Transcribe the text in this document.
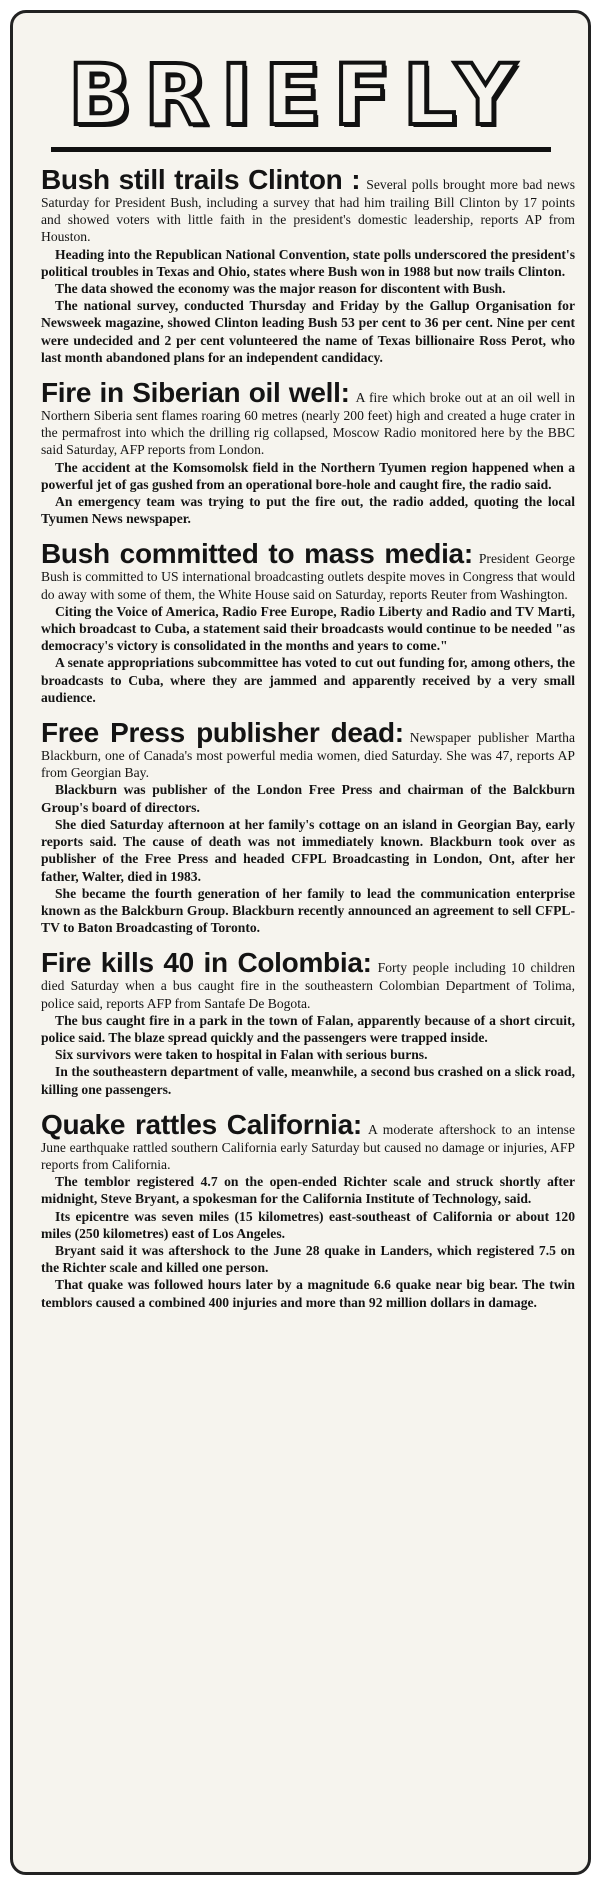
BRIEFLY

Bush still trails Clinton : Several polls brought more bad news Saturday for President Bush, including a survey that had him trailing Bill Clinton by 17 points and showed voters with little faith in the president's domestic leadership, reports AP from Houston.

Heading into the Republican National Convention, state polls underscored the president's political troubles in Texas and Ohio, states where Bush won in 1988 but now trails Clinton.

The data showed the economy was the major reason for discontent with Bush.

The national survey, conducted Thursday and Friday by the Gallup Organisation for Newsweek magazine, showed Clinton leading Bush 53 per cent to 36 per cent. Nine per cent were undecided and 2 per cent volunteered the name of Texas billionaire Ross Perot, who last month abandoned plans for an independent candidacy.

Fire in Siberian oil well: A fire which broke out at an oil well in Northern Siberia sent flames roaring 60 metres (nearly 200 feet) high and created a huge crater in the permafrost into which the drilling rig collapsed, Moscow Radio monitored here by the BBC said Saturday, AFP reports from London.

The accident at the Komsomolsk field in the Northern Tyumen region happened when a powerful jet of gas gushed from an operational bore-hole and caught fire, the radio said.

An emergency team was trying to put the fire out, the radio added, quoting the local Tyumen News newspaper.

Bush committed to mass media: President George Bush is committed to US international broadcasting outlets despite moves in Congress that would do away with some of them, the White House said on Saturday, reports Reuter from Washington.

Citing the Voice of America, Radio Free Europe, Radio Liberty and Radio and TV Marti, which broadcast to Cuba, a statement said their broadcasts would continue to be needed "as democracy's victory is consolidated in the months and years to come."

A senate appropriations subcommittee has voted to cut out funding for, among others, the broadcasts to Cuba, where they are jammed and apparently received by a very small audience.

Free Press publisher dead: Newspaper publisher Martha Blackburn, one of Canada's most powerful media women, died Saturday. She was 47, reports AP from Georgian Bay.

Blackburn was publisher of the London Free Press and chairman of the Balckburn Group's board of directors.

She died Saturday afternoon at her family's cottage on an island in Georgian Bay, early reports said. The cause of death was not immediately known. Blackburn took over as publisher of the Free Press and headed CFPL Broadcasting in London, Ont, after her father, Walter, died in 1983.

She became the fourth generation of her family to lead the communication enterprise known as the Balckburn Group. Blackburn recently announced an agreement to sell CFPL-TV to Baton Broadcasting of Toronto.

Fire kills 40 in Colombia: Forty people including 10 children died Saturday when a bus caught fire in the southeastern Colombian Department of Tolima, police said, reports AFP from Santafe De Bogota.

The bus caught fire in a park in the town of Falan, apparently because of a short circuit, police said. The blaze spread quickly and the passengers were trapped inside.

Six survivors were taken to hospital in Falan with serious burns.

In the southeastern department of valle, meanwhile, a second bus crashed on a slick road, killing one passengers.

Quake rattles California: A moderate aftershock to an intense June earthquake rattled southern California early Saturday but caused no damage or injuries, AFP reports from California.

The temblor registered 4.7 on the open-ended Richter scale and struck shortly after midnight, Steve Bryant, a spokesman for the California Institute of Technology, said.

Its epicentre was seven miles (15 kilometres) east-southeast of California or about 120 miles (250 kilometres) east of Los Angeles.

Bryant said it was aftershock to the June 28 quake in Landers, which registered 7.5 on the Richter scale and killed one person.

That quake was followed hours later by a magnitude 6.6 quake near big bear. The twin temblors caused a combined 400 injuries and more than 92 million dollars in damage.
